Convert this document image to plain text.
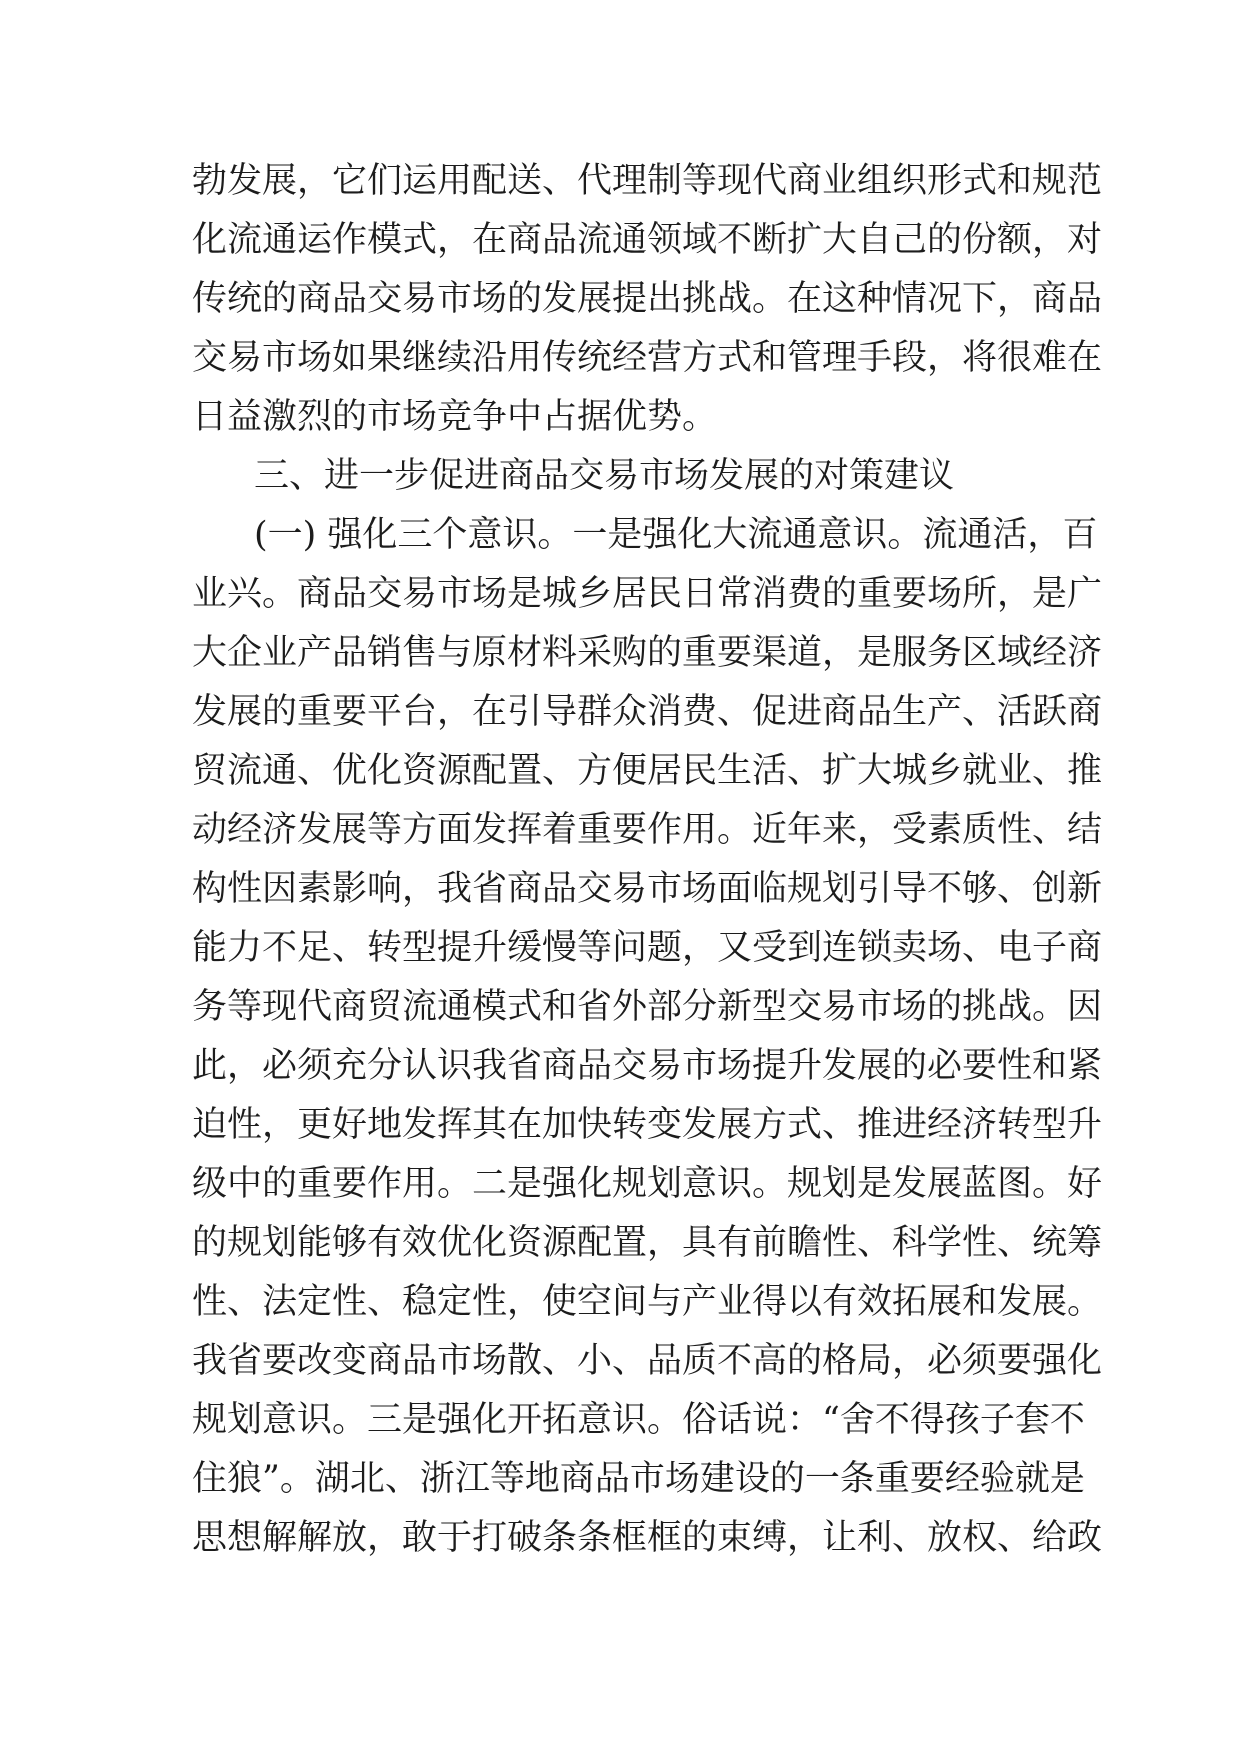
勃发展，它们运用配送、代理制等现代商业组织形式和规范
化流通运作模式，在商品流通领域不断扩大自己的份额，对
传统的商品交易市场的发展提出挑战。在这种情况下，商品
交易市场如果继续沿用传统经营方式和管理手段，将很难在
日益激烈的市场竞争中占据优势。
三、进一步促进商品交易市场发展的对策建议
(一) 强化三个意识。一是强化大流通意识。流通活，百
业兴。商品交易市场是城乡居民日常消费的重要场所，是广
大企业产品销售与原材料采购的重要渠道，是服务区域经济
发展的重要平台，在引导群众消费、促进商品生产、活跃商
贸流通、优化资源配置、方便居民生活、扩大城乡就业、推
动经济发展等方面发挥着重要作用。近年来，受素质性、结
构性因素影响，我省商品交易市场面临规划引导不够、创新
能力不足、转型提升缓慢等问题，又受到连锁卖场、电子商
务等现代商贸流通模式和省外部分新型交易市场的挑战。因
此，必须充分认识我省商品交易市场提升发展的必要性和紧
迫性，更好地发挥其在加快转变发展方式、推进经济转型升
级中的重要作用。二是强化规划意识。规划是发展蓝图。好
的规划能够有效优化资源配置，具有前瞻性、科学性、统筹
性、法定性、稳定性，使空间与产业得以有效拓展和发展。
我省要改变商品市场散、小、品质不高的格局，必须要强化
规划意识。三是强化开拓意识。俗话说：“舍不得孩子套不
住狼”。湖北、浙江等地商品市场建设的一条重要经验就是
思想解解放，敢于打破条条框框的束缚，让利、放权、给政
